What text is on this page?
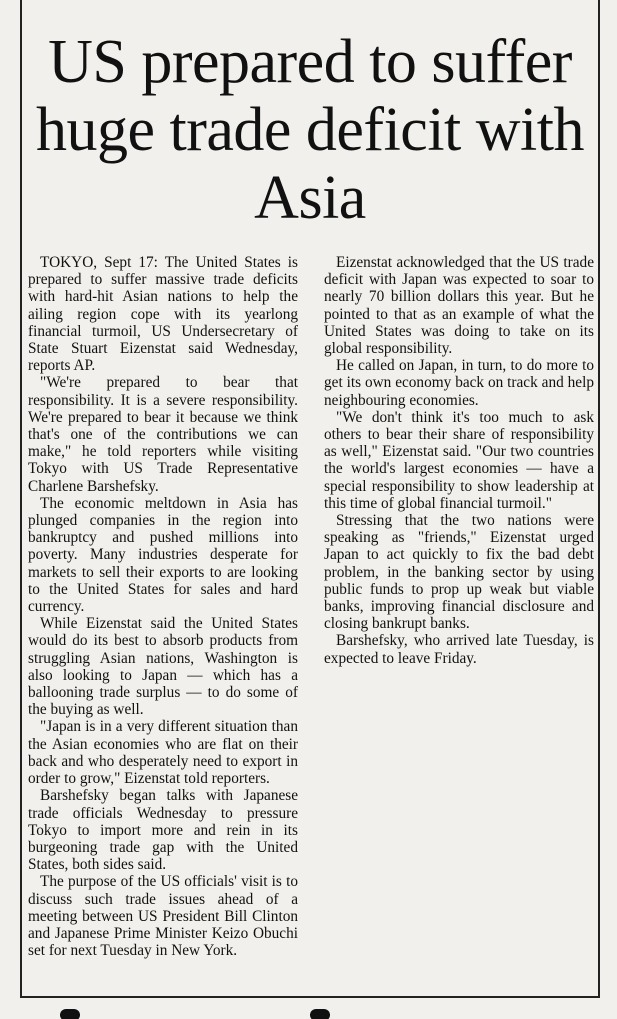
US prepared to suffer huge trade deficit with Asia

TOKYO, Sept 17: The United States is prepared to suffer massive trade deficits with hard-hit Asian nations to help the ailing region cope with its yearlong financial turmoil, US Undersecretary of State Stuart Eizenstat said Wednesday, reports AP.

"We're prepared to bear that responsibility. It is a severe responsibility. We're prepared to bear it because we think that's one of the contributions we can make," he told reporters while visiting Tokyo with US Trade Representative Charlene Barshefsky.

The economic meltdown in Asia has plunged companies in the region into bankruptcy and pushed millions into poverty. Many industries desperate for markets to sell their exports to are looking to the United States for sales and hard currency.

While Eizenstat said the United States would do its best to absorb products from struggling Asian nations, Washington is also looking to Japan — which has a ballooning trade surplus — to do some of the buying as well.

"Japan is in a very different situation than the Asian economies who are flat on their back and who desperately need to export in order to grow," Eizenstat told reporters.

Barshefsky began talks with Japanese trade officials Wednesday to pressure Tokyo to import more and rein in its burgeoning trade gap with the United States, both sides said.

The purpose of the US officials' visit is to discuss such trade issues ahead of a meeting between US President Bill Clinton and Japanese Prime Minister Keizo Obuchi set for next Tuesday in New York.

Eizenstat acknowledged that the US trade deficit with Japan was expected to soar to nearly 70 billion dollars this year. But he pointed to that as an example of what the United States was doing to take on its global responsibility.

He called on Japan, in turn, to do more to get its own economy back on track and help neighbouring economies.

"We don't think it's too much to ask others to bear their share of responsibility as well," Eizenstat said. "Our two countries the world's largest economies — have a special responsibility to show leadership at this time of global financial turmoil."

Stressing that the two nations were speaking as "friends," Eizenstat urged Japan to act quickly to fix the bad debt problem, in the banking sector by using public funds to prop up weak but viable banks, improving financial disclosure and closing bankrupt banks.

Barshefsky, who arrived late Tuesday, is expected to leave Friday.
